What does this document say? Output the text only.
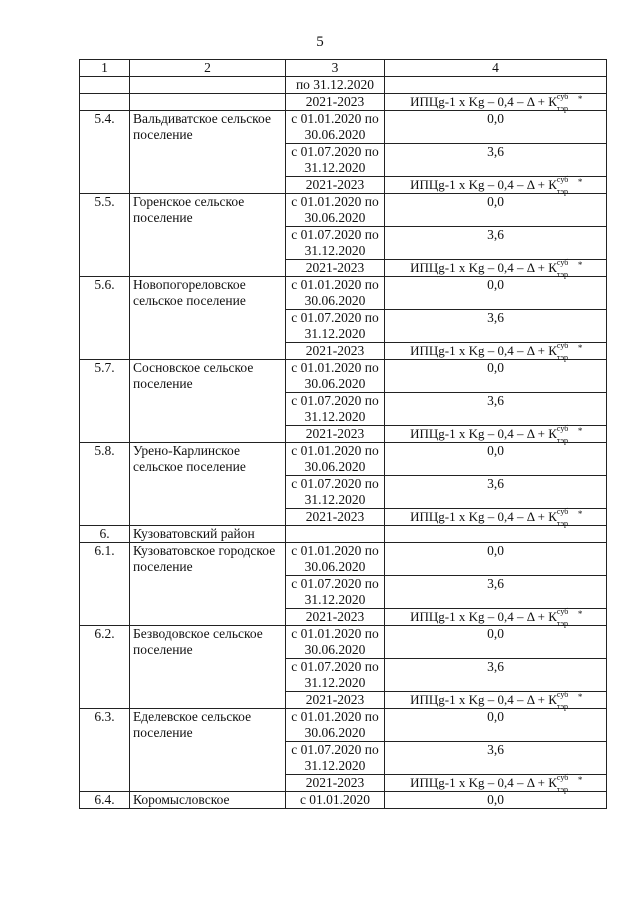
5
1	2	3	4
		по 31.12.2020	
		2021-2023	ИПЦg-1 x Kg – 0,4 – Δ + К суб
тэр
*

5.4.	Вальдиватское сельское поселение	с 01.01.2020 по 30.06.2020	0,0
		с 01.07.2020 по 31.12.2020	3,6
		2021-2023	ИПЦg-1 x Kg – 0,4 – Δ + К суб
тэр
*

5.5.	Горенское сельское поселение	с 01.01.2020 по 30.06.2020	0,0
		с 01.07.2020 по 31.12.2020	3,6
		2021-2023	ИПЦg-1 x Kg – 0,4 – Δ + К суб
тэр
*

5.6.	Новопогореловское сельское поселение	с 01.01.2020 по 30.06.2020	0,0
		с 01.07.2020 по 31.12.2020	3,6
		2021-2023	ИПЦg-1 x Kg – 0,4 – Δ + К суб
тэр
*

5.7.	Сосновское сельское поселение	с 01.01.2020 по 30.06.2020	0,0
		с 01.07.2020 по 31.12.2020	3,6
		2021-2023	ИПЦg-1 x Kg – 0,4 – Δ + К суб
тэр
*

5.8.	Урено-Карлинское сельское поселение	с 01.01.2020 по 30.06.2020	0,0
		с 01.07.2020 по 31.12.2020	3,6
		2021-2023	ИПЦg-1 x Kg – 0,4 – Δ + К суб
тэр
*

6.	Кузоватовский район		
6.1.	Кузоватовское городское поселение	с 01.01.2020 по 30.06.2020	0,0
		с 01.07.2020 по 31.12.2020	3,6
		2021-2023	ИПЦg-1 x Kg – 0,4 – Δ + К суб
тэр
*

6.2.	Безводовское сельское поселение	с 01.01.2020 по 30.06.2020	0,0
		с 01.07.2020 по 31.12.2020	3,6
		2021-2023	ИПЦg-1 x Kg – 0,4 – Δ + К суб
тэр
*

6.3.	Еделевское сельское поселение	с 01.01.2020 по 30.06.2020	0,0
		с 01.07.2020 по 31.12.2020	3,6
		2021-2023	ИПЦg-1 x Kg – 0,4 – Δ + К суб
тэр
*

6.4.	Коромысловское	с 01.01.2020	0,0
